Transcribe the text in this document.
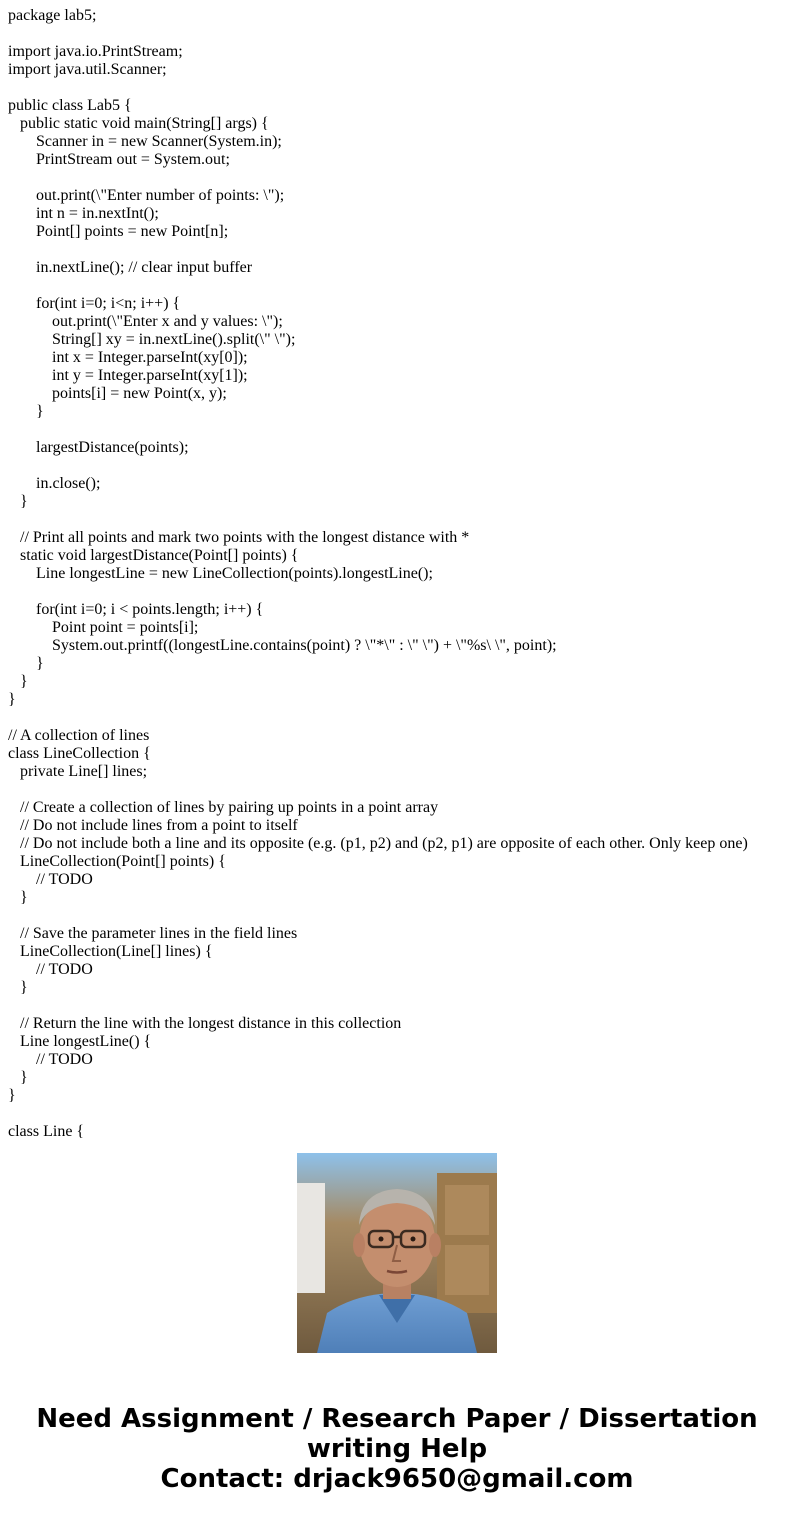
package lab5;
import java.io.PrintStream;
import java.util.Scanner;
public class Lab5 {
public static void main(String[] args) {
Scanner in = new Scanner(System.in);
PrintStream out = System.out;
out.print(\"Enter number of points: \");
int n = in.nextInt();
Point[] points = new Point[n];
in.nextLine(); // clear input buffer
for(int i=0; i<n; i++) {
out.print(\"Enter x and y values: \");
String[] xy = in.nextLine().split(\" \");
int x = Integer.parseInt(xy[0]);
int y = Integer.parseInt(xy[1]);
points[i] = new Point(x, y);
}
largestDistance(points);
in.close();
}
// Print all points and mark two points with the longest distance with *
static void largestDistance(Point[] points) {
Line longestLine = new LineCollection(points).longestLine();
for(int i=0; i < points.length; i++) {
Point point = points[i];
System.out.printf((longestLine.contains(point) ? \"*\" : \" \") + \"%s\ \", point);
}
}
}
// A collection of lines
class LineCollection {
private Line[] lines;
// Create a collection of lines by pairing up points in a point array
// Do not include lines from a point to itself
// Do not include both a line and its opposite (e.g. (p1, p2) and (p2, p1) are opposite of each other. Only keep one)
LineCollection(Point[] points) {
// TODO
}
// Save the parameter lines in the field lines
LineCollection(Line[] lines) {
// TODO
}
// Return the line with the longest distance in this collection
Line longestLine() {
// TODO
}
}
class Line {
Need Assignment / Research Paper / Dissertation
writing Help
Contact: drjack9650@gmail.com
